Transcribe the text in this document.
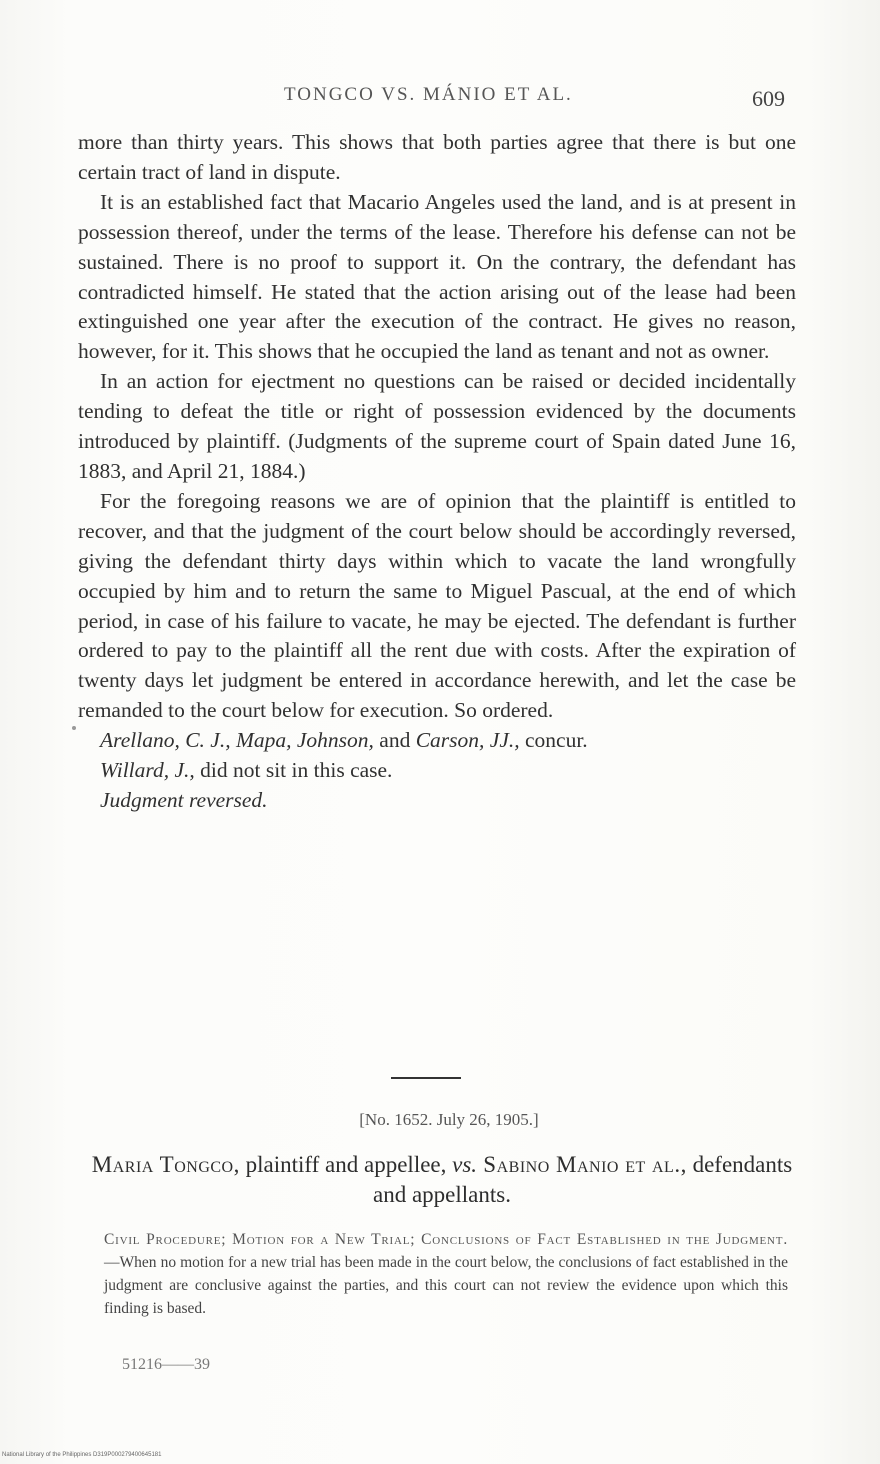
TONGCO VS. MÁNIO ET AL.	609

more than thirty years. This shows that both parties agree that there is but one certain tract of land in dispute.

It is an established fact that Macario Angeles used the land, and is at present in possession thereof, under the terms of the lease. Therefore his defense can not be sustained. There is no proof to support it. On the contrary, the defendant has contradicted himself. He stated that the action arising out of the lease had been extinguished one year after the execution of the contract. He gives no reason, however, for it. This shows that he occupied the land as tenant and not as owner.

In an action for ejectment no questions can be raised or decided incidentally tending to defeat the title or right of possession evidenced by the documents introduced by plaintiff. (Judgments of the supreme court of Spain dated June 16, 1883, and April 21, 1884.)

For the foregoing reasons we are of opinion that the plaintiff is entitled to recover, and that the judgment of the court below should be accordingly reversed, giving the defendant thirty days within which to vacate the land wrongfully occupied by him and to return the same to Miguel Pascual, at the end of which period, in case of his failure to vacate, he may be ejected. The defendant is further ordered to pay to the plaintiff all the rent due with costs. After the expiration of twenty days let judgment be entered in accordance herewith, and let the case be remanded to the court below for execution. So ordered.

Arellano, C. J., Mapa, Johnson, and Carson, JJ., concur.

Willard, J., did not sit in this case.

Judgment reversed.

[No. 1652. July 26, 1905.]
Maria Tongco, plaintiff and appellee, vs. Sabino Manio et al., defendants and appellants.
Civil Procedure; Motion for a New Trial; Conclusions of Fact Established in the Judgment.—When no motion for a new trial has been made in the court below, the conclusions of fact established in the judgment are conclusive against the parties, and this court can not review the evidence upon which this finding is based.
51216——39
National Library of the Philippines D319P000279400645181
